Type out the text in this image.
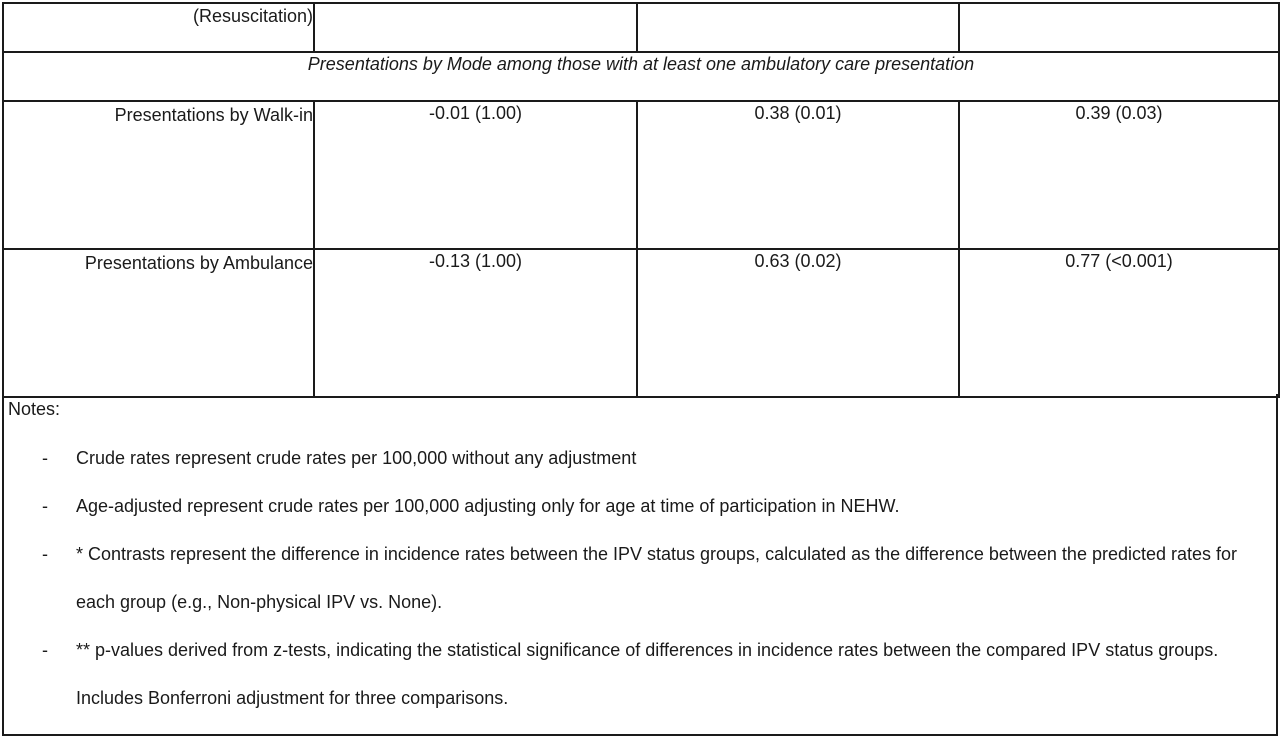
(Resuscitation)			
Presentations by Mode among those with at least one ambulatory care presentation			
Presentations by Walk-in	-0.01 (1.00)	0.38 (0.01)	0.39 (0.03)
Presentations by Ambulance	-0.13 (1.00)	0.63 (0.02)	0.77 (<0.001)
Notes:
- Crude rates represent crude rates per 100,000 without any adjustment
- Age-adjusted represent crude rates per 100,000 adjusting only for age at time of participation in NEHW.
- * Contrasts represent the difference in incidence rates between the IPV status groups, calculated as the difference between the predicted rates for each group (e.g., Non-physical IPV vs. None).
- ** p-values derived from z-tests, indicating the statistical significance of differences in incidence rates between the compared IPV status groups. Includes Bonferroni adjustment for three comparisons.
